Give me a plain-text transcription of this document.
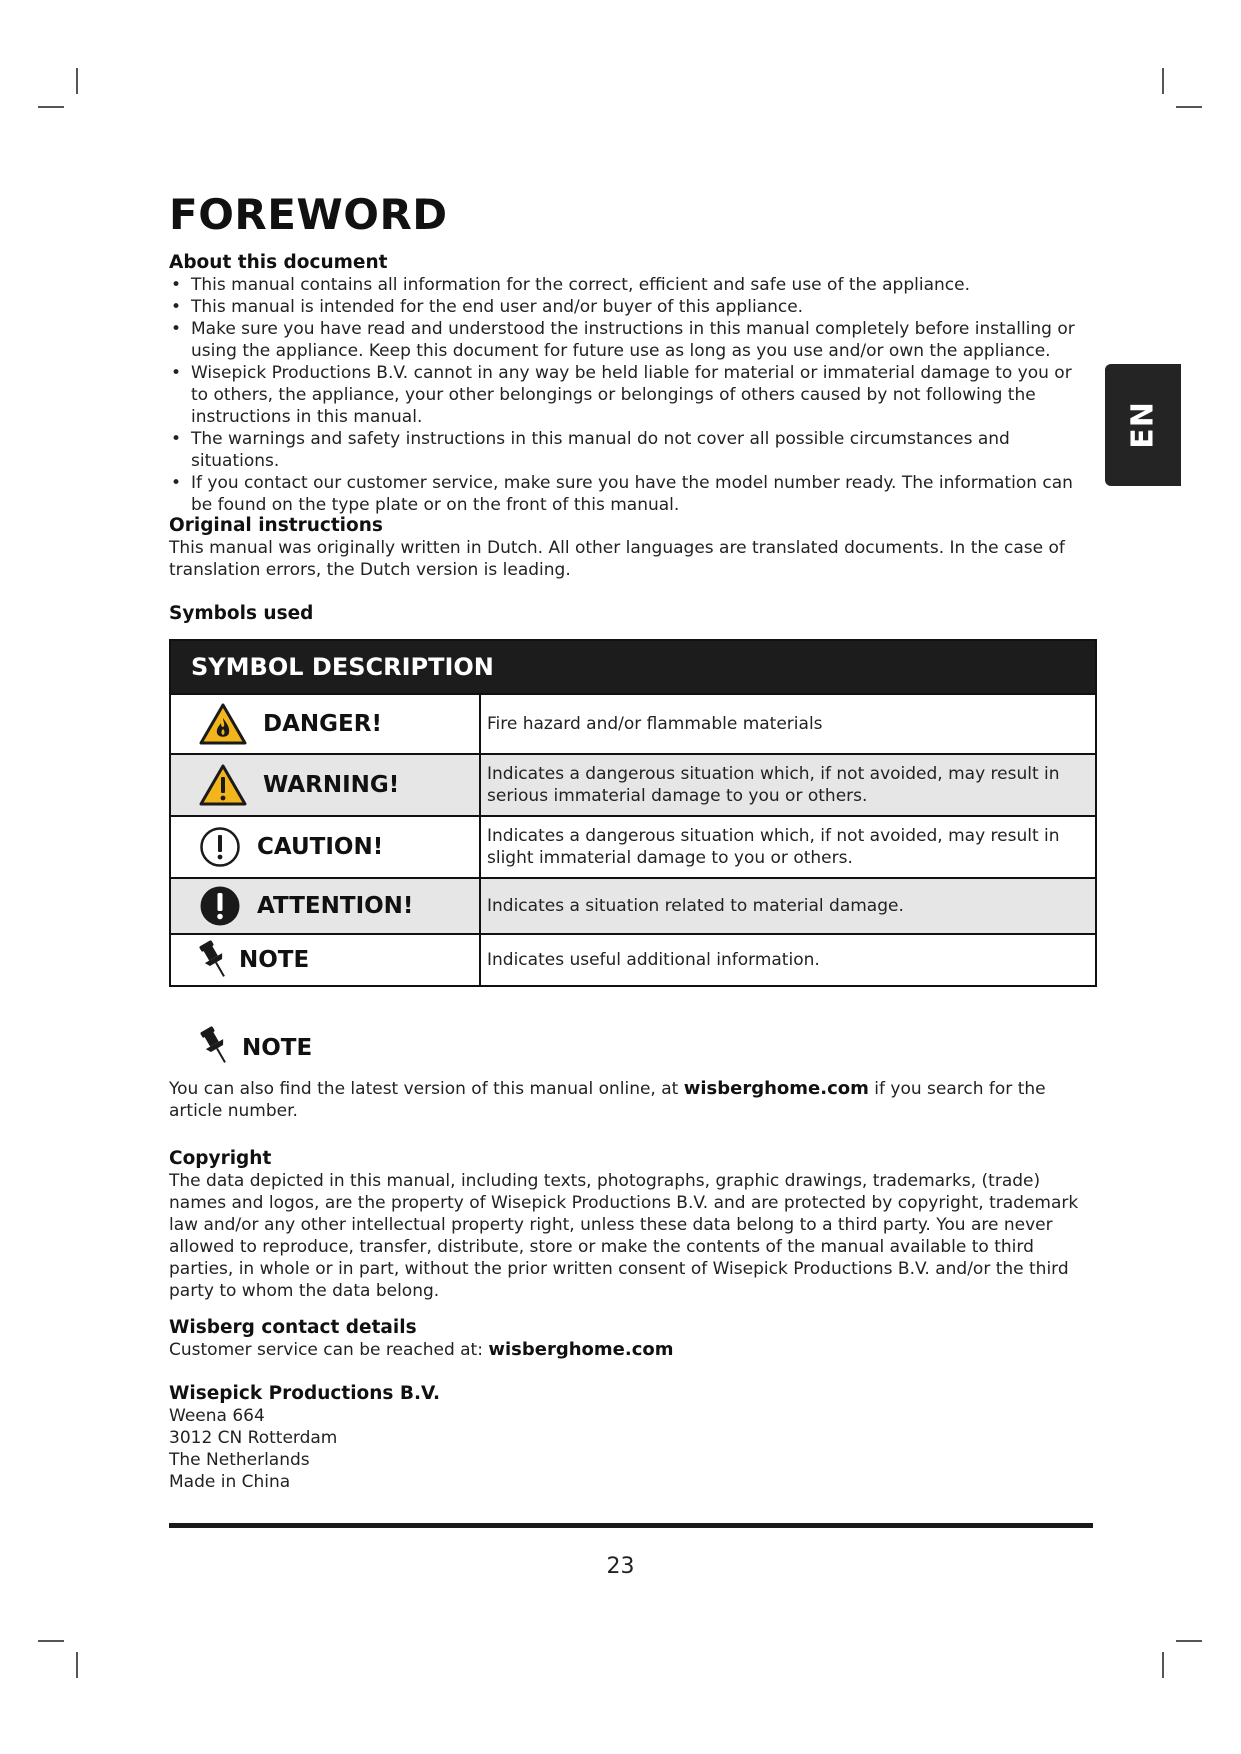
EN
FOREWORD

About this document

• This manual contains all information for the correct, efficient and safe use of the appliance.
• This manual is intended for the end user and/or buyer of this appliance.
• Make sure you have read and understood the instructions in this manual completely before installing or using the appliance. Keep this document for future use as long as you use and/or own the appliance.
• Wisepick Productions B.V. cannot in any way be held liable for material or immaterial damage to you or to others, the appliance, your other belongings or belongings of others caused by not following the instructions in this manual.
• The warnings and safety instructions in this manual do not cover all possible circumstances and situations.
• If you contact our customer service, make sure you have the model number ready. The information can be found on the type plate or on the front of this manual.

Original instructions

This manual was originally written in Dutch. All other languages are translated documents. In the case of translation errors, the Dutch version is leading.

Symbols used

SYMBOL DESCRIPTION
DANGER!	Fire hazard and/or flammable materials
WARNING!	Indicates a dangerous situation which, if not avoided, may result in serious immaterial damage to you or others.
CAUTION!	Indicates a dangerous situation which, if not avoided, may result in slight immaterial damage to you or others.
ATTENTION!	Indicates a situation related to material damage.
NOTE	Indicates useful additional information.
NOTE

You can also find the latest version of this manual online, at wisberghome.com if you search for the article number.

Copyright

The data depicted in this manual, including texts, photographs, graphic drawings, trademarks, (trade) names and logos, are the property of Wisepick Productions B.V. and are protected by copyright, trademark law and/or any other intellectual property right, unless these data belong to a third party. You are never allowed to reproduce, transfer, distribute, store or make the contents of the manual available to third parties, in whole or in part, without the prior written consent of Wisepick Productions B.V. and/or the third party to whom the data belong.

Wisberg contact details

Customer service can be reached at: wisberghome.com

Wisepick Productions B.V.

Weena 664

3012 CN Rotterdam

The Netherlands

Made in China

23
